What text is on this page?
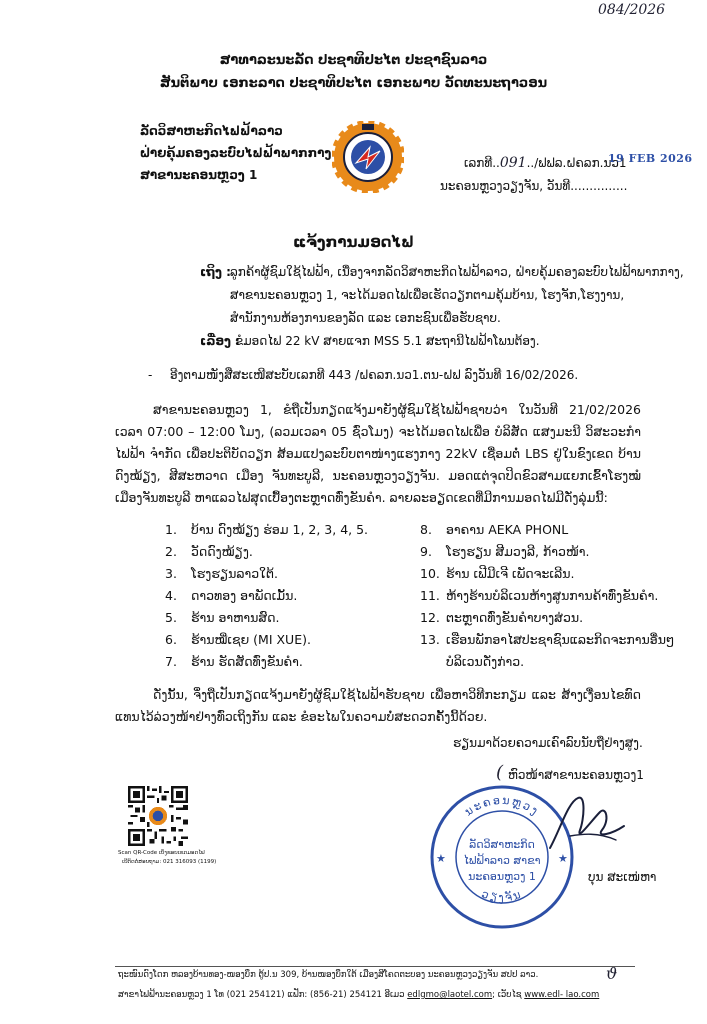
084/2026
ສາທາລະນະລັດ ປະຊາທິປະໄຕ ປະຊາຊົນລາວ
ສັນຕິພາບ ເອກະລາດ ປະຊາທິປະໄຕ ເອກະພາບ ວັດທະນະຖາວອນ
ລັດວິສາຫະກິດໄຟຟ້າລາວ
ຝ່າຍຄຸ້ມຄອງລະບົບໄຟຟ້າພາກກາງ
ສາຂານະຄອນຫຼວງ 1
ເລກທີ..091../ຟຟລ.ຝຄລກ.ນວ1
19 FEB 2026
ນະຄອນຫຼວງວຽງຈັນ, ວັນທີ...............
ແຈ້ງການມອດໄຟ
ເຖິງ : ລູກຄ້າຜູ້ຊົມໃຊ້ໄຟຟ້າ, ເນື່ອງຈາກລັດວິສາຫະກິດໄຟຟ້າລາວ, ຝ່າຍຄຸ້ມຄອງລະບົບໄຟຟ້າພາກກາງ,
ສາຂານະຄອນຫຼວງ 1, ຈະໄດ້ມອດໄຟເພື່ອເຮັດວຽກຕາມຄຸ້ມບ້ານ, ໂຮງຈັກ,ໂຮງງານ,
ສໍານັກງານຫ້ອງການຂອງລັດ ແລະ ເອກະຊົນເພື່ອຮັບຊາບ.
ເລື່ອງ :
ຂໍມອດໄຟ 22 kV ສາຍແຈກ MSS 5.1 ສະຖານີໄຟຟ້າໂພນຕ້ອງ.
- ອີງຕາມໜັງສືສະເໜີສະບັບເລກທີ 443 /ຝຄລກ.ນວ1.ຕນ-ຝຟ ລົງວັນທີ 16/02/2026.
ສາຂານະຄອນຫຼວງ 1, ຂໍຖືເປັນກຽດແຈ້ງມາຍັງຜູ້ຊົມໃຊ້ໄຟຟ້າຊາບວ່າ ໃນວັນທີ 21/02/2026 ເວລາ 07:00 – 12:00 ໂມງ, (ລວມເວລາ 05 ຊົ່ວໂມງ) ຈະໄດ້ມອດໄຟເພື່ອ ບໍລິສັດ ແສງມະນີ ວິສະວະກໍາໄຟຟ້າ ຈໍາກັດ ເພື່ອປະຕິບັດວຽກ ສ້ອມແປງລະບົບຕາໜ່າງແຮງກາງ 22kV ເຊື່ອມຕໍ່ LBS ຢູ່ໃນຂົງເຂດ ບ້ານ ດົງໝ້ຽງ, ສີສະຫວາດ ເມືອງ ຈັນທະບູລີ, ນະຄອນຫຼວງວຽງຈັນ. ມອດແຕ່ຈຸດປິດຂົວສາມແຍກເຂົ້າໂຮງໝໍເມືອງຈັນທະບູລີ ຫາແລວໄຟສຸດເບື້ອງຕະຫຼາດທົ່ງຂັນຄໍາ. ລາຍລະອຽດເຂດທີ່ມີການມອດໄຟມີດັ່ງລຸ່ມນີ້:
1.	ບ້ານ ດົງໝ້ຽງ ຮ່ອມ 1, 2, 3, 4, 5.
2.	ວັດດົງໝ້ຽງ.
3.	ໂຮງຮຽນລາວໃຕ້.
4.	ດາວທອງ ອາພັດເມັ້ນ.
5.	ຮ້ານ ອາຫານສົດ.
6.	ຮ້ານໝີ່ເຊຍ (MI XUE).
7.	ຮ້ານ ຮັດສັດທົ່ງຂັນຄໍາ.
8.	ອາຄານ AEKA PHONL
9.	ໂຮງຮຽນ ສີມວງລີ, ກ້າວໜ້າ.
10. ຮ້ານ ເຟີມີເຈີ ເພັດຈະເລີນ.
11. ຫ້າງຮ້ານບໍລິເວນຫ້າງສູນການຄ້າທົ່ງຂັນຄໍາ.
12. ຕະຫຼາດທົ່ງຂັນຄໍາບາງສ່ວນ.
13. ເຮືອນພັກອາໄສປະຊາຊົນແລະກິດຈະການອື່ນໆ
ບໍລິເວນດັ່ງກ່າວ.
ດັ່ງນັ້ນ, ຈຶ່ງຖືເປັນກຽດແຈ້ງມາຍັງຜູ້ຊົມໃຊ້ໄຟຟ້າຮັບຊາບ ເພື່ອຫາວິທີກະກຽມ ແລະ ສ້າງເງື່ອນໄຂທົດແທນໄວ້ລ່ວງໜ້າຢ່າງທົ່ວເຖິງກັນ ແລະ ຂໍອະໄພໃນຄວາມບໍ່ສະດວກຄັ້ງນີ້ດ້ວຍ.
ຮຽນມາດ້ວຍຄວາມເຄົາລົບນັບຖືຢ່າງສູງ.
ຫົວໜ້າສາຂານະຄອນຫຼວງ1
(
Scan QR-Code ເບິ່ງຂອບເຂດມອດໄຟ
ເບີຕິດຕໍ່ສອບຖາມ: 021 316093 (1199)
ນະຄອນຫຼວງ
ວຽງຈັນ
★	★
ລັດວິສາຫະກິດ
ໄຟຟ້າລາວ ສາຂາ
ນະຄອນຫຼວງ 1	ບຸນ ສະເໜ່ຫາ
ຖະໜົນດົງໂດກ ຫລອງບ້ານທອງ-ໜອງບຶກ ຕູ້ປ.ນ 309, ບ້ານໜອງບຶກໃຕ້ ເມືອງສີໂຄດຕະບອງ ນະຄອນຫຼວງວຽງຈັນ ສປປ ລາວ.
ສາຂາໄຟຟ້ານະຄອນຫຼວງ 1 ໂທ (021 254121) ແຟັກ: (856-21) 254121 ອີເມວ edlgmo@laotel.com; ເວັບໄຊ www.edl- lao.com
ϑ
